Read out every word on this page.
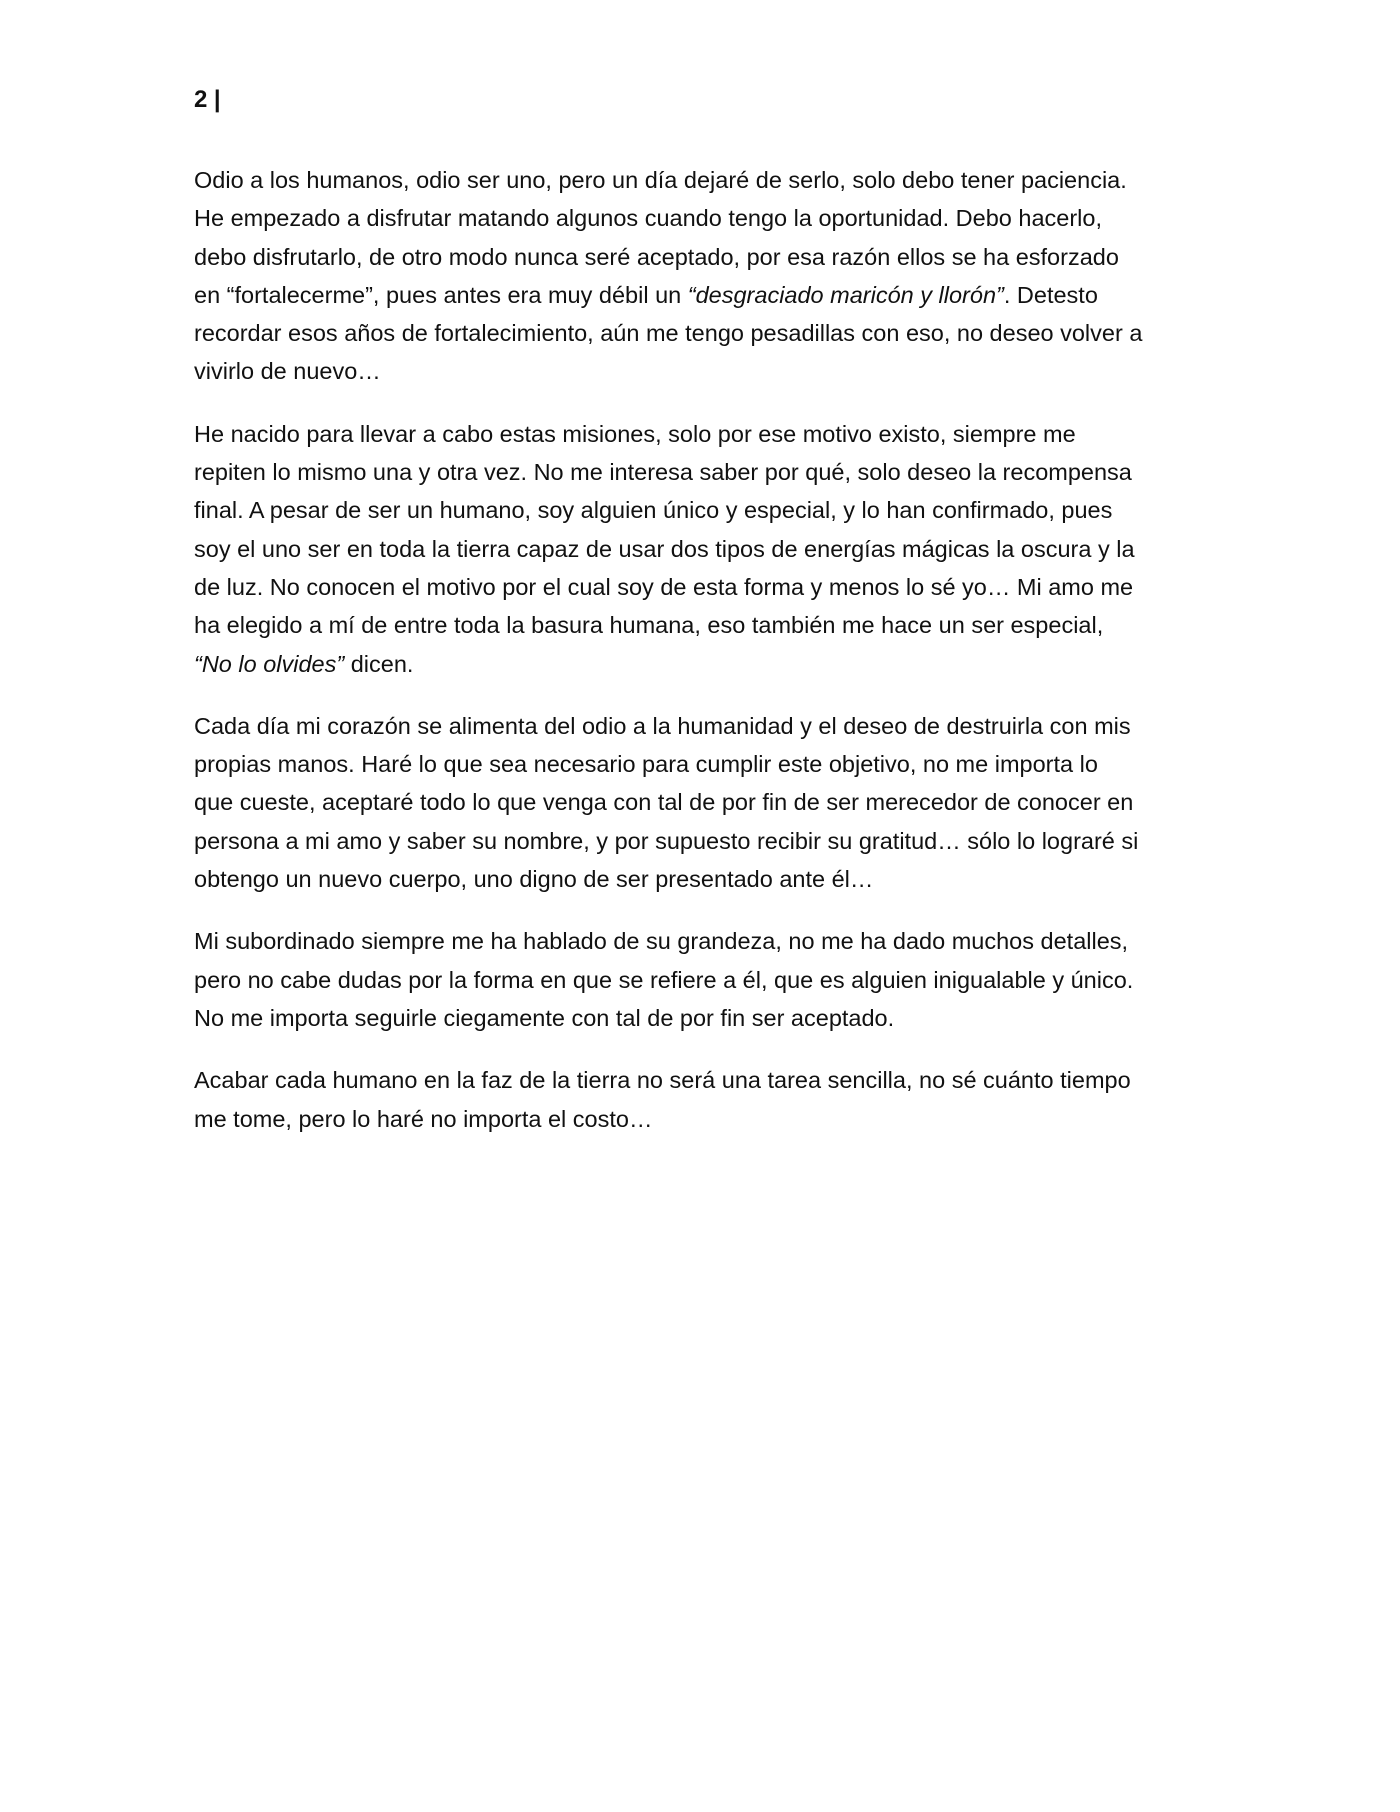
2 |

Odio a los humanos, odio ser uno, pero un día dejaré de serlo, solo debo tener paciencia.
He empezado a disfrutar matando algunos cuando tengo la oportunidad. Debo hacerlo,
debo disfrutarlo, de otro modo nunca seré aceptado, por esa razón ellos se ha esforzado
en “fortalecerme”, pues antes era muy débil un “desgraciado maricón y llorón”. Detesto
recordar esos años de fortalecimiento, aún me tengo pesadillas con eso, no deseo volver a
vivirlo de nuevo…

He nacido para llevar a cabo estas misiones, solo por ese motivo existo, siempre me
repiten lo mismo una y otra vez. No me interesa saber por qué, solo deseo la recompensa
final. A pesar de ser un humano, soy alguien único y especial, y lo han confirmado, pues
soy el uno ser en toda la tierra capaz de usar dos tipos de energías mágicas la oscura y la
de luz. No conocen el motivo por el cual soy de esta forma y menos lo sé yo… Mi amo me
ha elegido a mí de entre toda la basura humana, eso también me hace un ser especial,
“No lo olvides” dicen.

Cada día mi corazón se alimenta del odio a la humanidad y el deseo de destruirla con mis
propias manos. Haré lo que sea necesario para cumplir este objetivo, no me importa lo
que cueste, aceptaré todo lo que venga con tal de por fin de ser merecedor de conocer en
persona a mi amo y saber su nombre, y por supuesto recibir su gratitud… sólo lo lograré si
obtengo un nuevo cuerpo, uno digno de ser presentado ante él…

Mi subordinado siempre me ha hablado de su grandeza, no me ha dado muchos detalles,
pero no cabe dudas por la forma en que se refiere a él, que es alguien inigualable y único.
No me importa seguirle ciegamente con tal de por fin ser aceptado.

Acabar cada humano en la faz de la tierra no será una tarea sencilla, no sé cuánto tiempo
me tome, pero lo haré no importa el costo…
